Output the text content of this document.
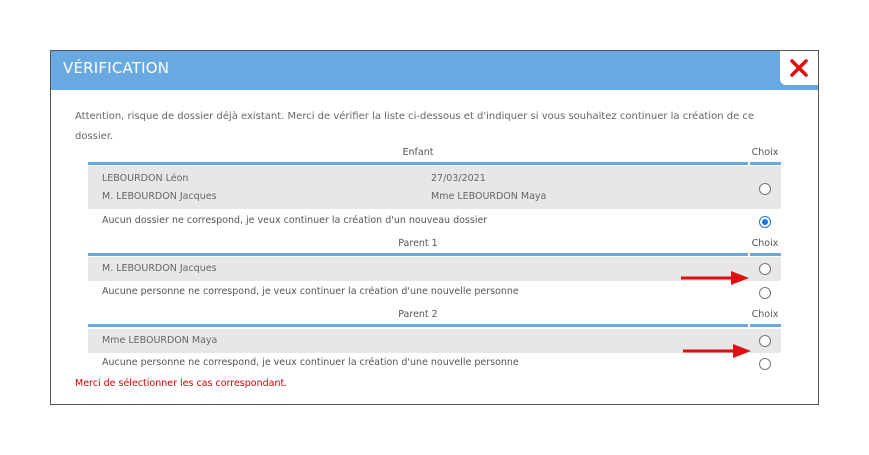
VÉRIFICATION
Attention, risque de dossier déjà existant. Merci de vérifier la liste ci-dessous et d'indiquer si vous souhaitez continuer la création de ce dossier.
Enfant	Choix
LEBOURDON Léon	27/03/2021
M. LEBOURDON Jacques	Mme LEBOURDON Maya
Aucun dossier ne correspond, je veux continuer la création d'un nouveau dossier
Parent 1	Choix
M. LEBOURDON Jacques
Aucune personne ne correspond, je veux continuer la création d'une nouvelle personne
Parent 2	Choix
Mme LEBOURDON Maya
Aucune personne ne correspond, je veux continuer la création d'une nouvelle personne
Merci de sélectionner les cas correspondant.
